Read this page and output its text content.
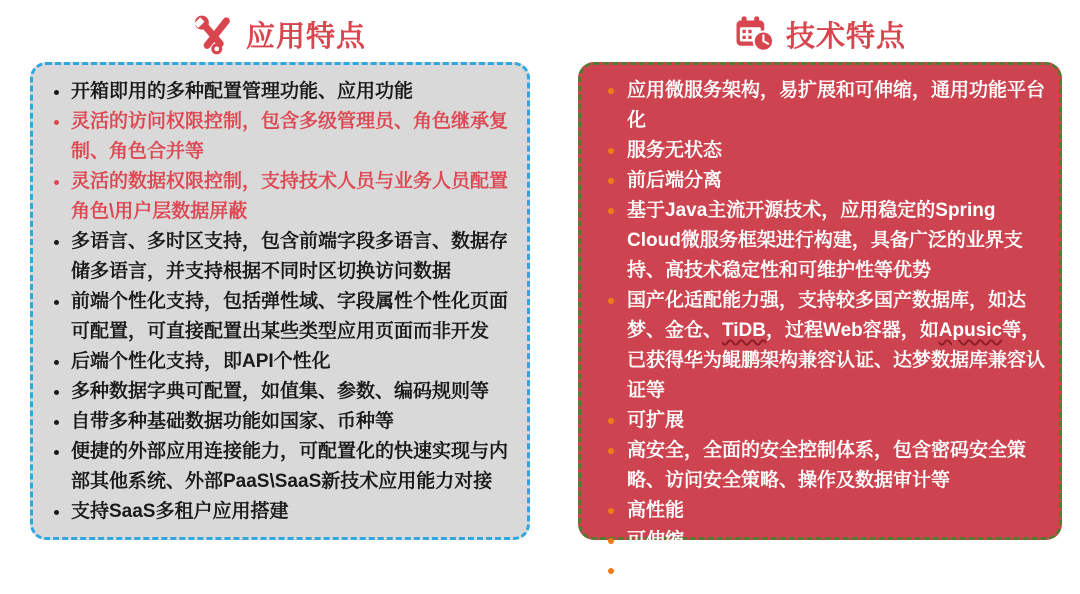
应用特点	技术特点
开箱即用的多种配置管理功能、应用功能
灵活的访问权限控制，包含多级管理员、角色继承复制、角色合并等
灵活的数据权限控制，支持技术人员与业务人员配置角色\用户层数据屏蔽
多语言、多时区支持，包含前端字段多语言、数据存储多语言，并支持根据不同时区切换访问数据
前端个性化支持，包括弹性域、字段属性个性化页面可配置，可直接配置出某些类型应用页面而非开发
后端个性化支持，即API个性化
多种数据字典可配置，如值集、参数、编码规则等
自带多种基础数据功能如国家、币种等
便捷的外部应用连接能力，可配置化的快速实现与内部其他系统、外部PaaS\SaaS新技术应用能力对接
支持SaaS多租户应用搭建
应用微服务架构，易扩展和可伸缩，通用功能平台化
服务无状态
前后端分离
基于Java主流开源技术，应用稳定的Spring Cloud微服务框架进行构建，具备广泛的业界支持、高技术稳定性和可维护性等优势
国产化适配能力强，支持较多国产数据库，如达梦、金仓、TiDB，过程Web容器，如Apusic等，已获得华为鲲鹏架构兼容认证、达梦数据库兼容认证等
可扩展
高安全，全面的安全控制体系，包含密码安全策略、访问安全策略、操作及数据审计等
高性能
可伸缩
高可用
